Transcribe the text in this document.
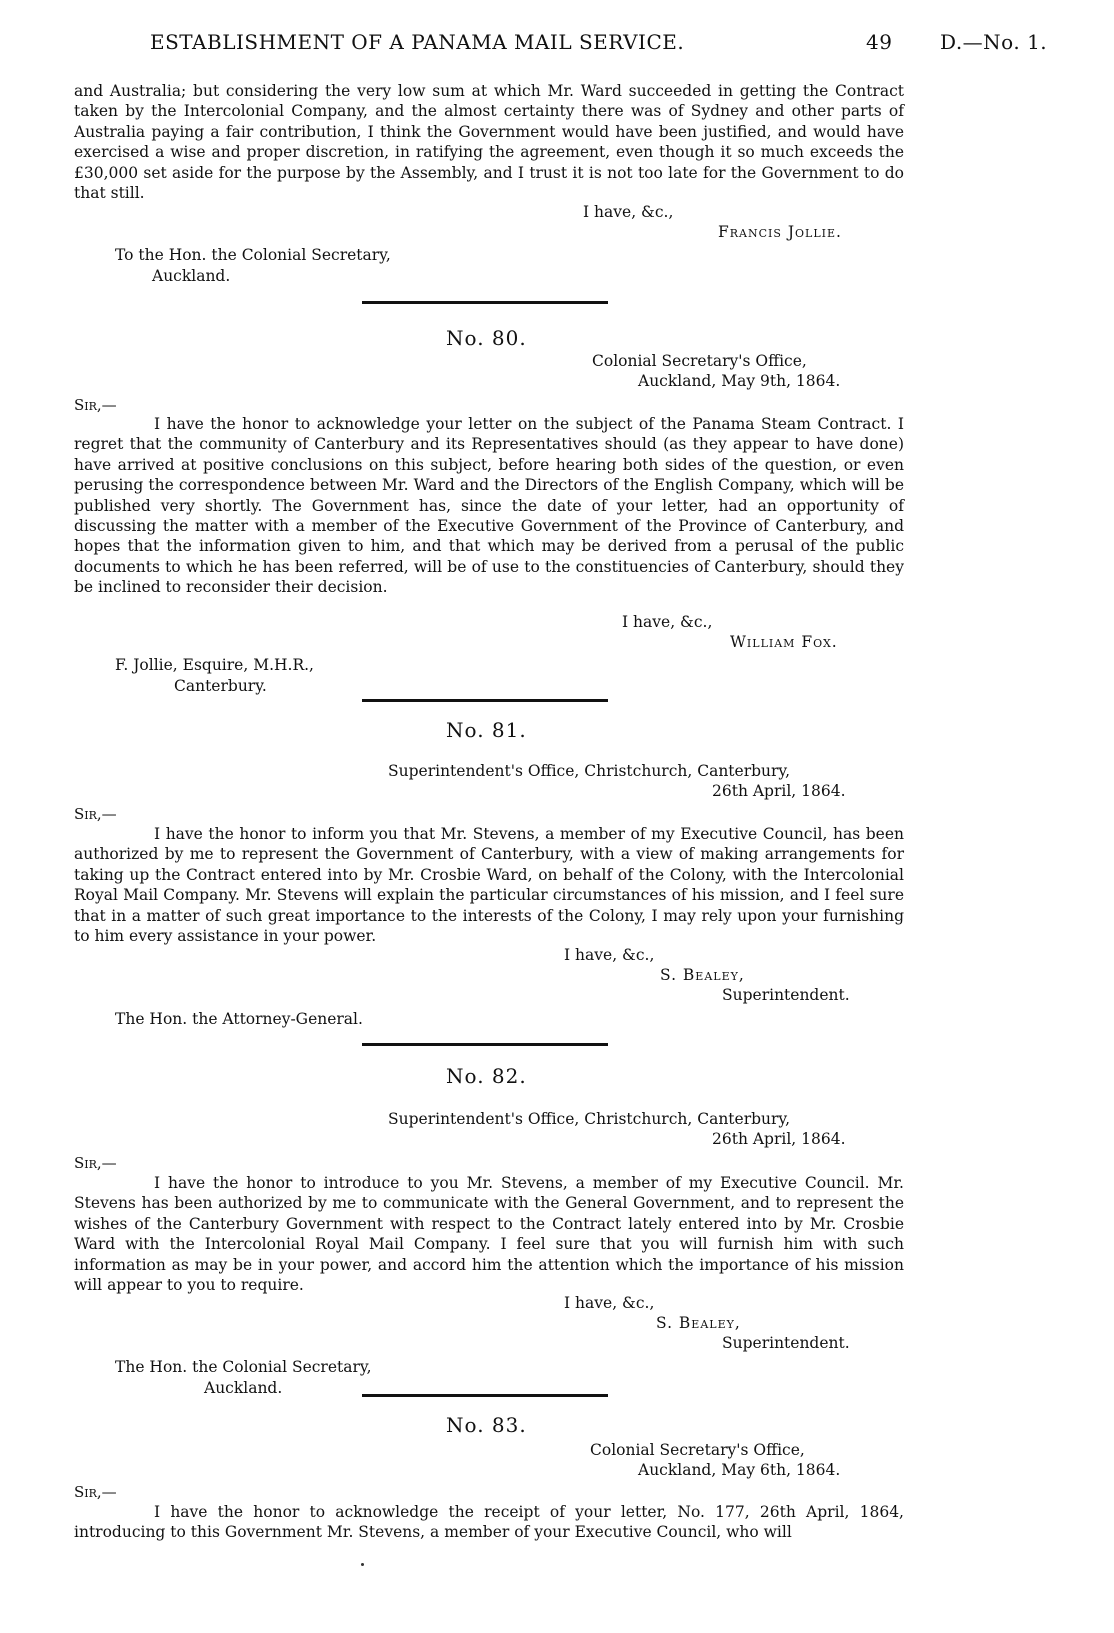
ESTABLISHMENT OF A PANAMA MAIL SERVICE.	49 D.—No. 1.
and Australia; but considering the very low sum at which Mr. Ward succeeded in getting the Contract taken by the Intercolonial Company, and the almost certainty there was of Sydney and other parts of Australia paying a fair contribution, I think the Government would have been justified, and would have exercised a wise and proper discretion, in ratifying the agreement, even though it so much exceeds the £30,000 set aside for the purpose by the Assembly, and I trust it is not too late for the Government to do that still.
I have, &c.,
Francis Jollie.
To the Hon. the Colonial Secretary,
Auckland.
No. 80.
Colonial Secretary's Office,
Auckland, May 9th, 1864.
Sir,—
I have the honor to acknowledge your letter on the subject of the Panama Steam Contract. I regret that the community of Canterbury and its Representatives should (as they appear to have done) have arrived at positive conclusions on this subject, before hearing both sides of the question, or even perusing the correspondence between Mr. Ward and the Directors of the English Company, which will be published very shortly. The Government has, since the date of your letter, had an opportunity of discussing the matter with a member of the Executive Government of the Province of Canterbury, and hopes that the information given to him, and that which may be derived from a perusal of the public documents to which he has been referred, will be of use to the constituencies of Canterbury, should they be inclined to reconsider their decision.
I have, &c.,
William Fox.
F. Jollie, Esquire, M.H.R.,
Canterbury.
No. 81.
Superintendent's Office, Christchurch, Canterbury,
26th April, 1864.
Sir,—
I have the honor to inform you that Mr. Stevens, a member of my Executive Council, has been authorized by me to represent the Government of Canterbury, with a view of making arrangements for taking up the Contract entered into by Mr. Crosbie Ward, on behalf of the Colony, with the Intercolonial Royal Mail Company. Mr. Stevens will explain the particular circumstances of his mission, and I feel sure that in a matter of such great importance to the interests of the Colony, I may rely upon your furnishing to him every assistance in your power.
I have, &c.,
S. Bealey,
Superintendent.
The Hon. the Attorney-General.
No. 82.
Superintendent's Office, Christchurch, Canterbury,
26th April, 1864.
Sir,—
I have the honor to introduce to you Mr. Stevens, a member of my Executive Council. Mr. Stevens has been authorized by me to communicate with the General Government, and to represent the wishes of the Canterbury Government with respect to the Contract lately entered into by Mr. Crosbie Ward with the Intercolonial Royal Mail Company. I feel sure that you will furnish him with such information as may be in your power, and accord him the attention which the importance of his mission will appear to you to require.
I have, &c.,
S. Bealey,
Superintendent.
The Hon. the Colonial Secretary,
Auckland.
No. 83.
Colonial Secretary's Office,
Auckland, May 6th, 1864.
Sir,—
I have the honor to acknowledge the receipt of your letter, No. 177, 26th April, 1864, introducing to this Government Mr. Stevens, a member of your Executive Council, who will
